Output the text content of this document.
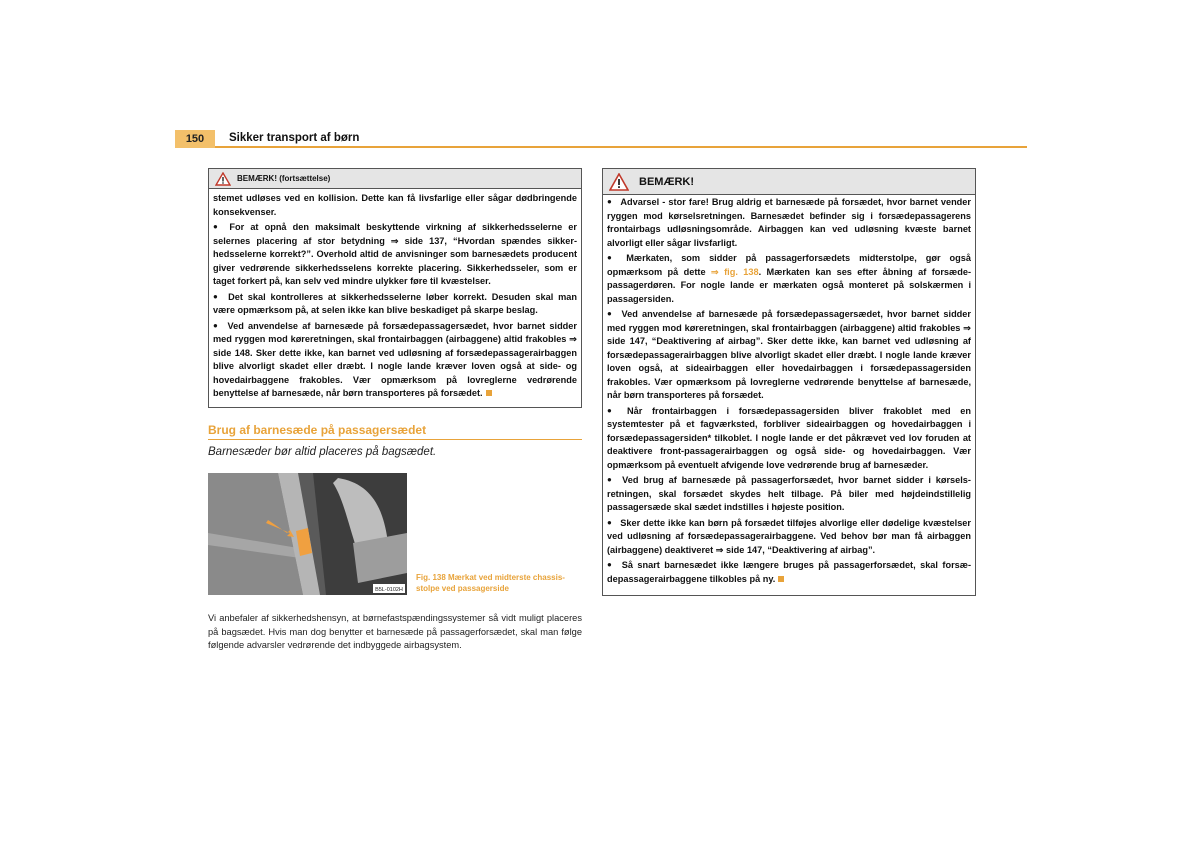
150	Sikker transport af børn
BEMÆRK! (fortsættelse)

stemet udløses ved en kollision. Dette kan få livsfarlige eller sågar dødbringende konsekvenser.

● For at opnå den maksimalt beskyttende virkning af sikkerhedsselerne er selernes placering af stor betydning ⇒ side 137, “Hvordan spændes sikkerhedsselerne korrekt?”. Overhold altid de anvisninger som barnesædets producent giver vedrørende sikkerhedsselens korrekte placering. Sikkerhedsseler, som er taget forkert på, kan selv ved mindre ulykker føre til kvæstelser.

● Det skal kontrolleres at sikkerhedsselerne løber korrekt. Desuden skal man være opmærksom på, at selen ikke kan blive beskadiget på skarpe beslag.

● Ved anvendelse af barnesæde på forsædepassagersædet, hvor barnet sidder med ryggen mod køreretningen, skal frontairbaggen (airbaggene) altid frakobles ⇒ side 148. Sker dette ikke, kan barnet ved udløsning af forsædepassagerairbaggen blive alvorligt skadet eller dræbt. I nogle lande kræver loven også at side- og hovedairbaggene frakobles. Vær opmærksom på lovreglerne vedrørende benyttelse af barnesæde, når børn transporteres på forsædet.

Brug af barnesæde på passagersædet
Barnesæder bør altid placeres på bagsædet.
B5L-0102H
Fig. 138 Mærkat ved midterste chassisstolpe ved passagerside
Vi anbefaler af sikkerhedshensyn, at børnefastspændingssystemer så vidt muligt placeres på bagsædet. Hvis man dog benytter et barnesæde på passagerforsædet, skal man følge følgende advarsler vedrørende det indbyggede airbagsystem.
BEMÆRK!

● Advarsel - stor fare! Brug aldrig et barnesæde på forsædet, hvor barnet vender ryggen mod kørselsretningen. Barnesædet befinder sig i forsædepassagerens frontairbags udløsningsområde. Airbaggen kan ved udløsning kvæste barnet alvorligt eller sågar livsfarligt.

● Mærkaten, som sidder på passagerforsædets midterstolpe, gør også opmærksom på dette ⇒ fig. 138. Mærkaten kan ses efter åbning af forsædepassagerdøren. For nogle lande er mærkaten også monteret på solskærmen i passagersiden.

● Ved anvendelse af barnesæde på forsædepassagersædet, hvor barnet sidder med ryggen mod køreretningen, skal frontairbaggen (airbaggene) altid frakobles ⇒ side 147, “Deaktivering af airbag”. Sker dette ikke, kan barnet ved udløsning af forsædepassagerairbaggen blive alvorligt skadet eller dræbt. I nogle lande kræver loven også, at sideairbaggen eller hovedairbaggen i forsædepassagersiden frakobles. Vær opmærksom på lovreglerne vedrørende benyttelse af barnesæde, når børn transporteres på forsædet.

● Når frontairbaggen i forsædepassagersiden bliver frakoblet med en systemtester på et fagværksted, forbliver sideairbaggen og hovedairbaggen i forsædepassagersiden* tilkoblet. I nogle lande er det påkrævet ved lov foruden at deaktivere front-passagerairbaggen og også side- og hovedairbaggen. Vær opmærksom på eventuelt afvigende love vedrørende brug af barnesæder.

● Ved brug af barnesæde på passagerforsædet, hvor barnet sidder i kørselsretningen, skal forsædet skydes helt tilbage. På biler med højdeindstillelig passagersæde skal sædet indstilles i højeste position.

● Sker dette ikke kan børn på forsædet tilføjes alvorlige eller dødelige kvæstelser ved udløsning af forsædepassagerairbaggene. Ved behov bør man få airbaggen (airbaggene) deaktiveret ⇒ side 147, “Deaktivering af airbag”.

● Så snart barnesædet ikke længere bruges på passagerforsædet, skal forsædepassagerairbaggene tilkobles på ny.
